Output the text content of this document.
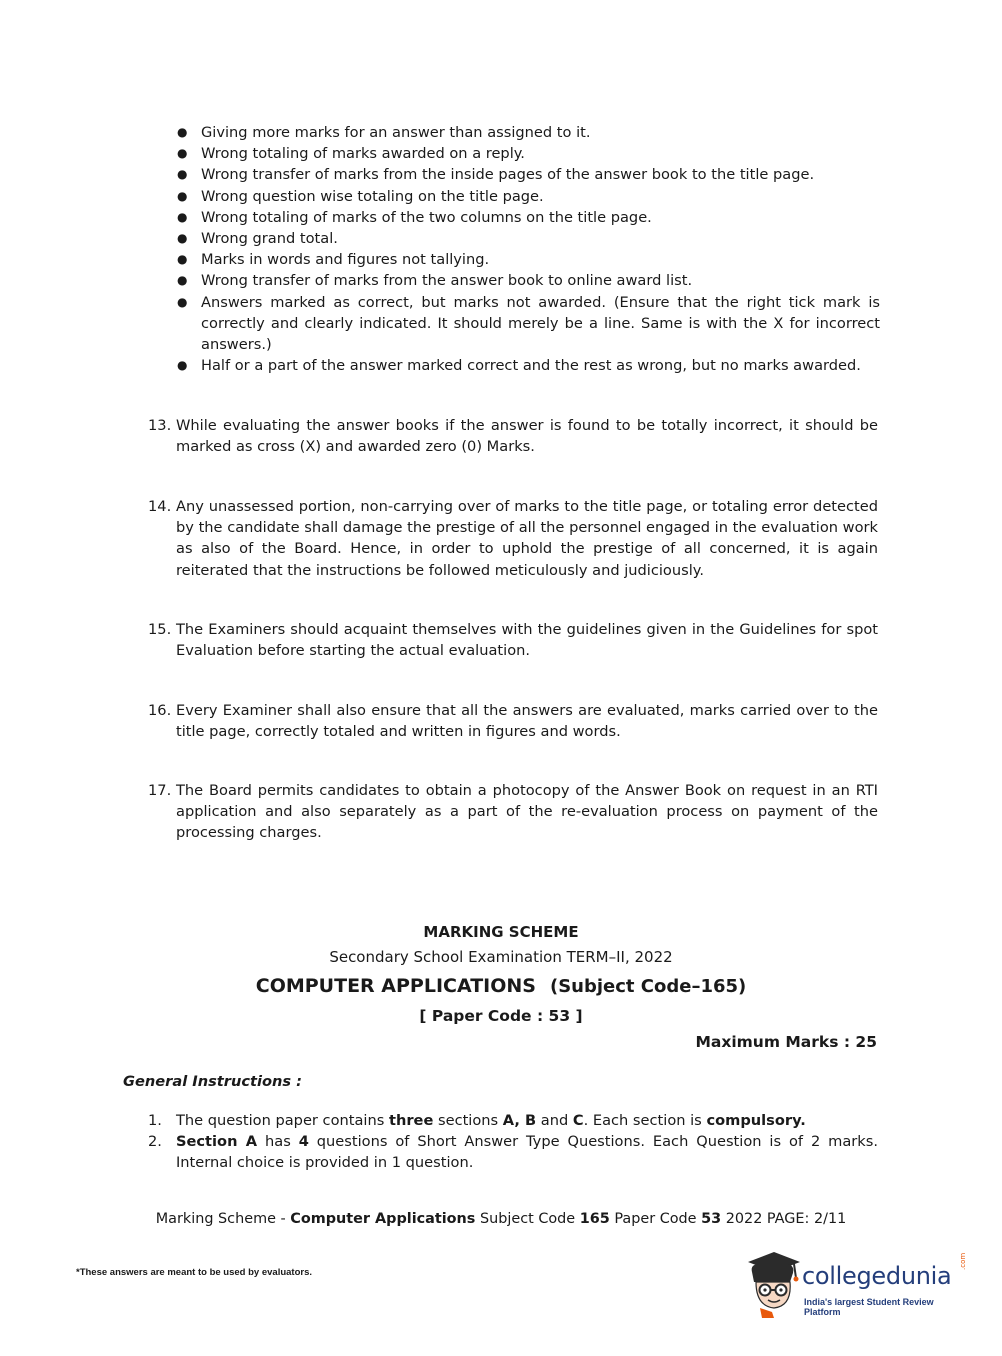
● Giving more marks for an answer than assigned to it.
● Wrong totaling of marks awarded on a reply.
● Wrong transfer of marks from the inside pages of the answer book to the title page.
● Wrong question wise totaling on the title page.
● Wrong totaling of marks of the two columns on the title page.
● Wrong grand total.
● Marks in words and figures not tallying.
● Wrong transfer of marks from the answer book to online award list.
● Answers marked as correct, but marks not awarded. (Ensure that the right tick mark is correctly and clearly indicated. It should merely be a line. Same is with the X for incorrect answers.)
● Half or a part of the answer marked correct and the rest as wrong, but no marks awarded.
13. While evaluating the answer books if the answer is found to be totally incorrect, it should be marked as cross (X) and awarded zero (0) Marks.
14. Any unassessed portion, non-carrying over of marks to the title page, or totaling error detected by the candidate shall damage the prestige of all the personnel engaged in the evaluation work as also of the Board. Hence, in order to uphold the prestige of all concerned, it is again reiterated that the instructions be followed meticulously and judiciously.
15. The Examiners should acquaint themselves with the guidelines given in the Guidelines for spot Evaluation before starting the actual evaluation.
16. Every Examiner shall also ensure that all the answers are evaluated, marks carried over to the title page, correctly totaled and written in figures and words.
17. The Board permits candidates to obtain a photocopy of the Answer Book on request in an RTI application and also separately as a part of the re-evaluation process on payment of the processing charges.
MARKING SCHEME
Secondary School Examination TERM–II, 2022
COMPUTER APPLICATIONS (Subject Code–165)
[ Paper Code : 53 ]
Maximum Marks : 25
General Instructions :
1. The question paper contains three sections A, B and C. Each section is compulsory.
2. Section A has 4 questions of Short Answer Type Questions. Each Question is of 2 marks. Internal choice is provided in 1 question.
Marking Scheme - Computer Applications Subject Code 165 Paper Code 53 2022 PAGE: 2/11
*These answers are meant to be used by evaluators.	collegedunia
.com
India's largest Student Review Platform
